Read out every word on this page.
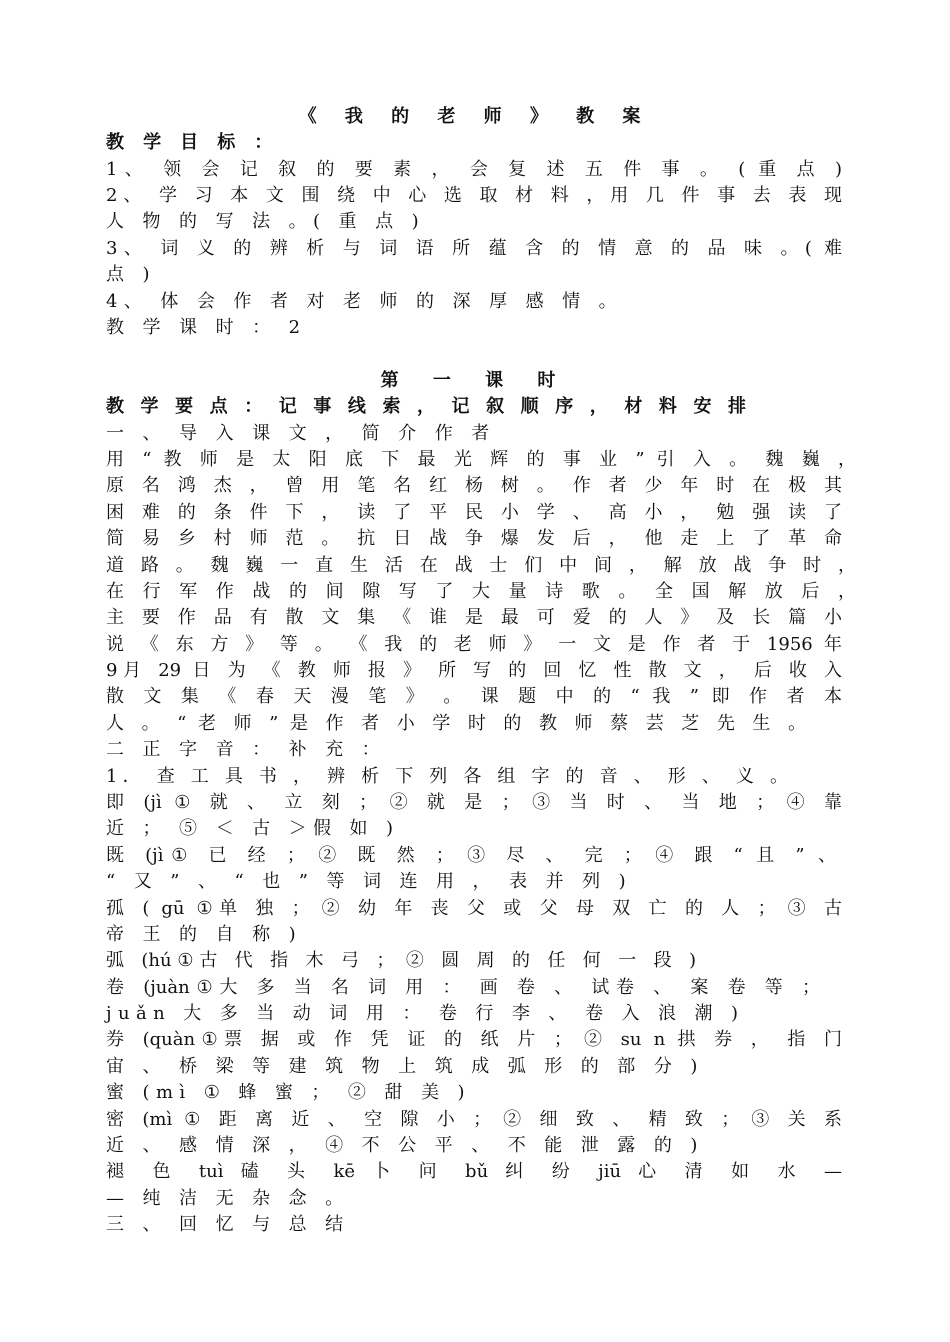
《 我 的 老 师 》 教 案
教 学 目 标 ：
1、 领 会 记 叙 的 要 素 ， 会 复 述 五 件 事 。 ( 重 点 )
2、 学 习 本 文 围 绕 中 心 选 取 材 料 ，用 几 件 事 去 表 现
人 物 的 写 法 。( 重 点 )
3、 词 义 的 辨 析 与 词 语 所 蕴 含 的 情 意 的 品 味 。( 难
点 )
4、 体 会 作 者 对 老 师 的 深 厚 感 情 。
教 学 课 时 ： 2
第 一 课 时
教 学 要 点 ： 记 事 线 索 ， 记 叙 顺 序 ， 材 料 安 排
一 、 导 入 课 文 ， 简 介 作 者
用 “ 教 师 是 太 阳 底 下 最 光 辉 的 事 业 ” 引 入 。 魏 巍 ，
原 名 鸿 杰 ， 曾 用 笔 名 红 杨 树 。 作 者 少 年 时 在 极 其
困 难 的 条 件 下 ， 读 了 平 民 小 学 、 高 小 ， 勉 强 读 了
简 易 乡 村 师 范 。 抗 日 战 争 爆 发 后 ， 他 走 上 了 革 命
道 路 。 魏 巍 一 直 生 活 在 战 士 们 中 间 ， 解 放 战 争 时 ，
在 行 军 作 战 的 间 隙 写 了 大 量 诗 歌 。 全 国 解 放 后 ，
主 要 作 品 有 散 文 集 《 谁 是 最 可 爱 的 人 》 及 长 篇 小
说 《 东 方 》 等 。 《 我 的 老 师 》 一 文 是 作 者 于 1956 年
9月 29 日 为 《 教 师 报 》 所 写 的 回 忆 性 散 文 ， 后 收 入
散 文 集 《 春 天 漫 笔 》 。 课 题 中 的 “ 我 ” 即 作 者 本
人 。 “ 老 师 ” 是 作 者 小 学 时 的 教 师 蔡 芸 芝 先 生 。
二 正 字 音 ： 补 充 ：
1． 查 工 具 书 ， 辨 析 下 列 各 组 字 的 音 、 形 、 义 。
即 (jì ① 就 、 立 刻 ； ② 就 是 ； ③ 当 时 、 当 地 ； ④ 靠
近 ； ⑤ ＜ 古 ＞假 如 )
既 (jì① 已 经 ； ② 既 然 ； ③ 尽 、 完 ； ④ 跟 “ 且 ” 、
“ 又 ” 、 “ 也 ” 等 词 连 用 ， 表 并 列 )
孤 ( gū ①单 独 ； ② 幼 年 丧 父 或 父 母 双 亡 的 人 ； ③ 古
帝 王 的 自 称 )
弧 (hú①古 代 指 木 弓 ； ② 圆 周 的 任 何 一 段 )
卷 (juàn①大 多 当 名 词 用 ： 画 卷 、 试卷 、 案 卷 等 ；
juǎn 大 多 当 动 词 用 ： 卷 行 李 、 卷 入 浪 潮 )
券 (quàn①票 据 或 作 凭 证 的 纸 片 ； ② su n 拱 券 ， 指 门
宙 、 桥 梁 等 建 筑 物 上 筑 成 弧 形 的 部 分 )
蜜 (mì ① 蜂 蜜 ； ② 甜 美 )
密 (mì ① 距 离 近 、 空 隙 小 ； ② 细 致 、 精 致 ； ③ 关 系
近 、 感 情 深 ， ④ 不 公 平 、 不 能 泄 露 的 )
褪 色 tuì 磕 头 kē 卜 问 bǔ 纠 纷 jiū 心 清 如 水 —
— 纯 洁 无 杂 念 。
三 、 回 忆 与 总 结
